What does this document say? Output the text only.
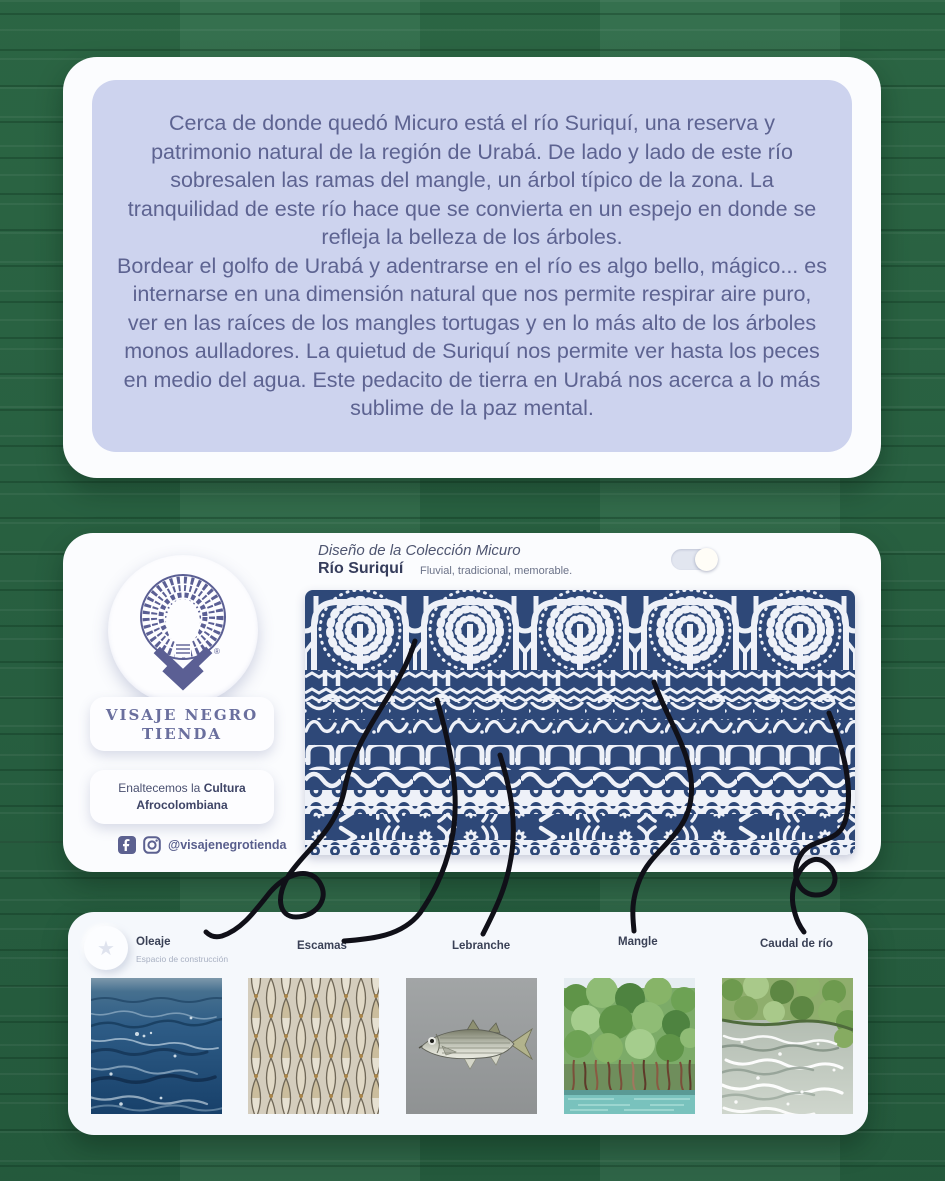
Cerca de donde quedó Micuro está el río Suriquí, una reserva y patrimonio natural de la región de Urabá. De lado y lado de este río sobresalen las ramas del mangle, un árbol típico de la zona. La tranquilidad de este río hace que se convierta en un espejo en donde se refleja la belleza de los árboles.

Bordear el golfo de Urabá y adentrarse en el río es algo bello, mágico... es internarse en una dimensión natural que nos permite respirar aire puro, ver en las raíces de los mangles tortugas y en lo más alto de los árboles monos aulladores. La quietud de Suriquí nos permite ver hasta los peces en medio del agua. Este pedacito de tierra en Urabá nos acerca a lo más sublime de la paz mental.

Diseño de la Colección Micuro
Río Suriquí Fluvial, tradicional, memorable.
®
VISAJE NEGRO
TIENDA
Enaltecemos la Cultura
Afrocolombiana
@visajenegrotienda
★	Oleaje
Espacio de construcción
Escamas	Lebranche	Mangle	Caudal de río
